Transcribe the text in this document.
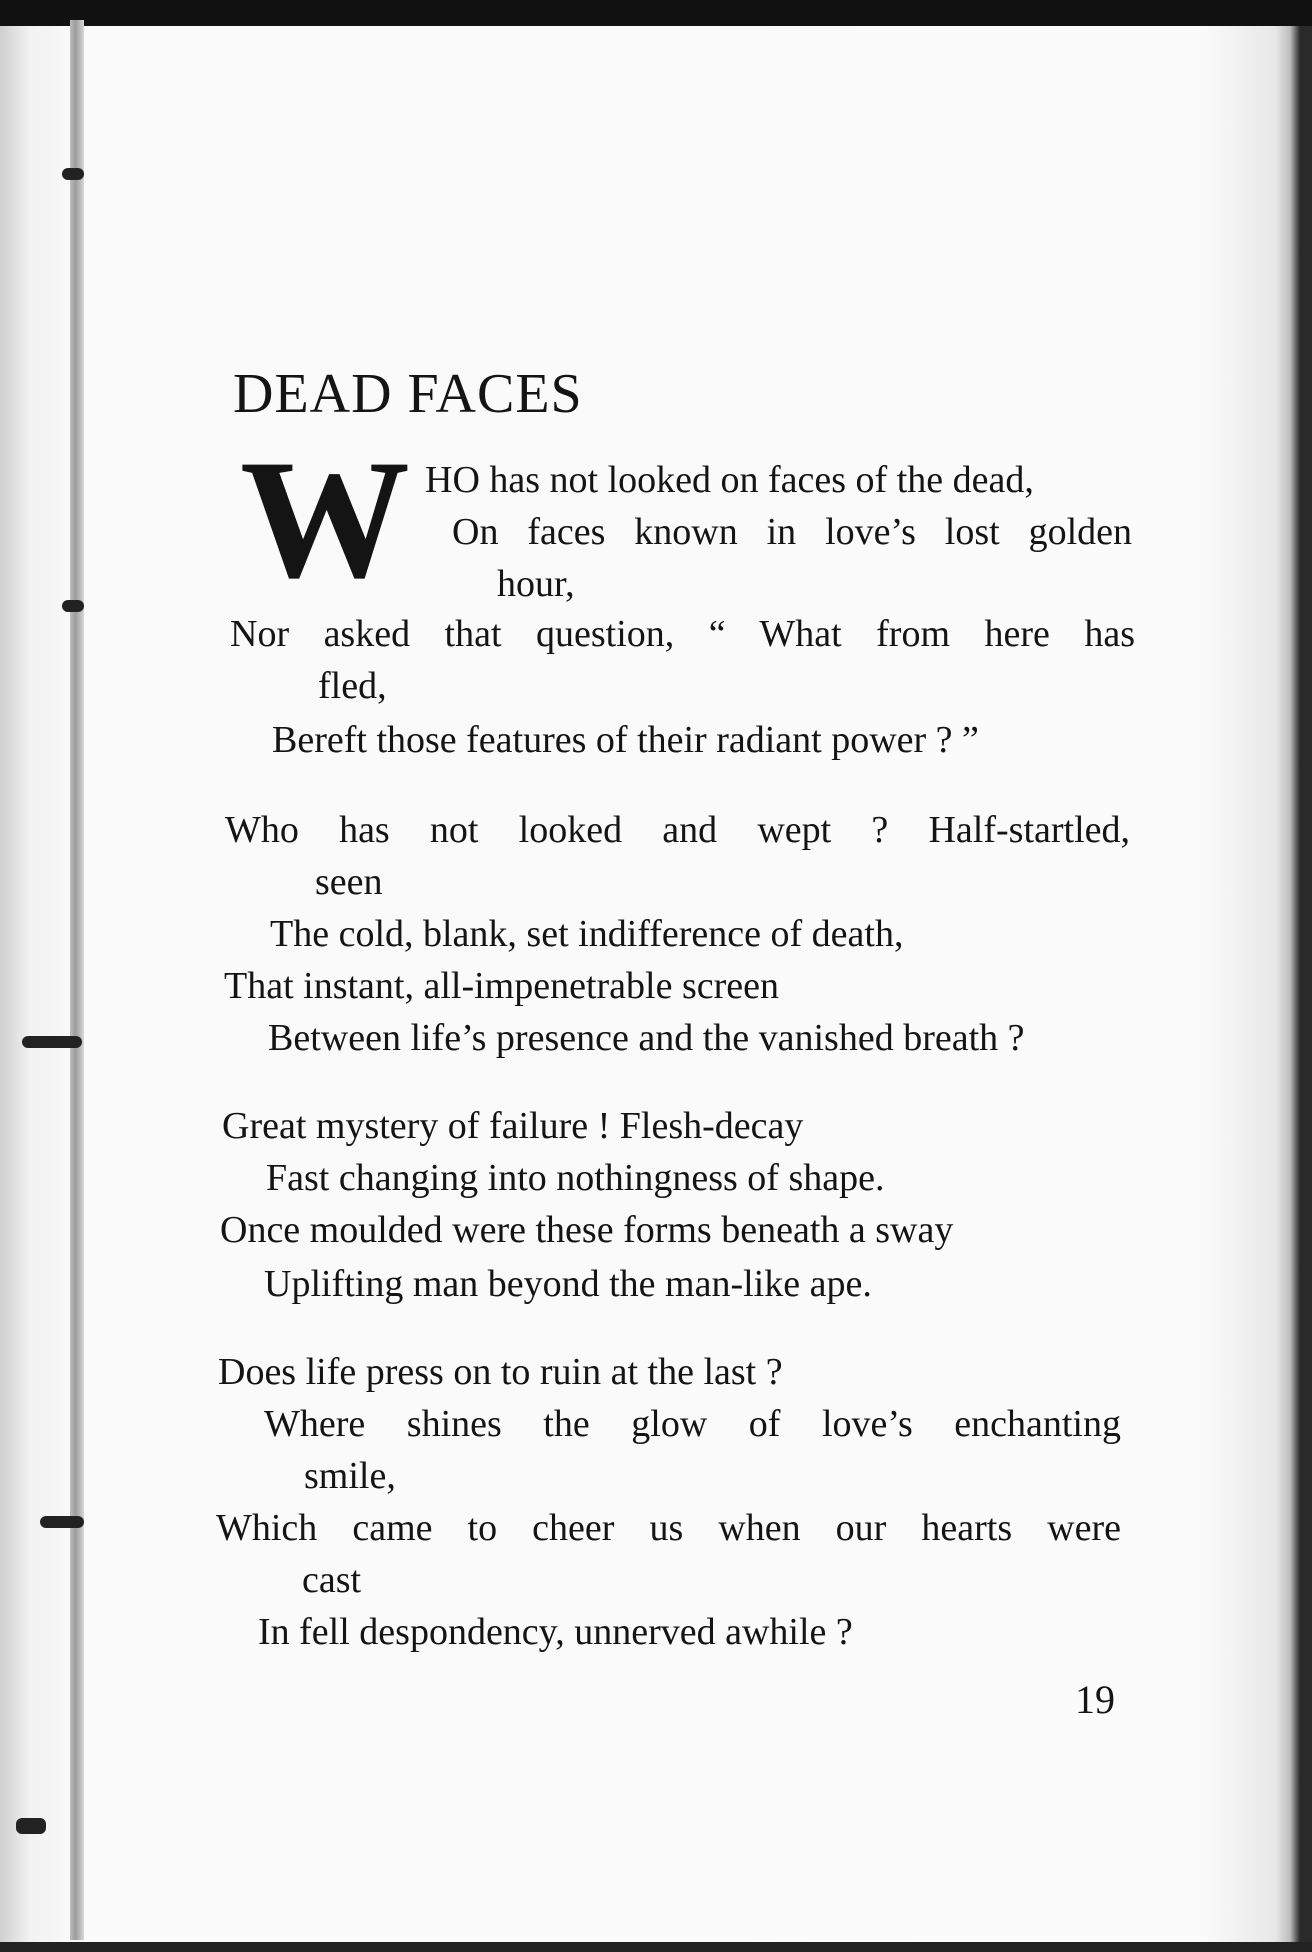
DEAD FACES
W HO has not looked on faces of the dead,

On faces known in love’s lost golden

hour,

Nor asked that question, “ What from here has

fled,

Bereft those features of their radiant power ? ”

Who has not looked and wept ? Half-startled,

seen

The cold, blank, set indifference of death,

That instant, all-impenetrable screen

Between life’s presence and the vanished breath ?

Great mystery of failure ! Flesh-decay

Fast changing into nothingness of shape.

Once moulded were these forms beneath a sway

Uplifting man beyond the man-like ape.

Does life press on to ruin at the last ?

Where shines the glow of love’s enchanting

smile,

Which came to cheer us when our hearts were

cast

In fell despondency, unnerved awhile ?

19
